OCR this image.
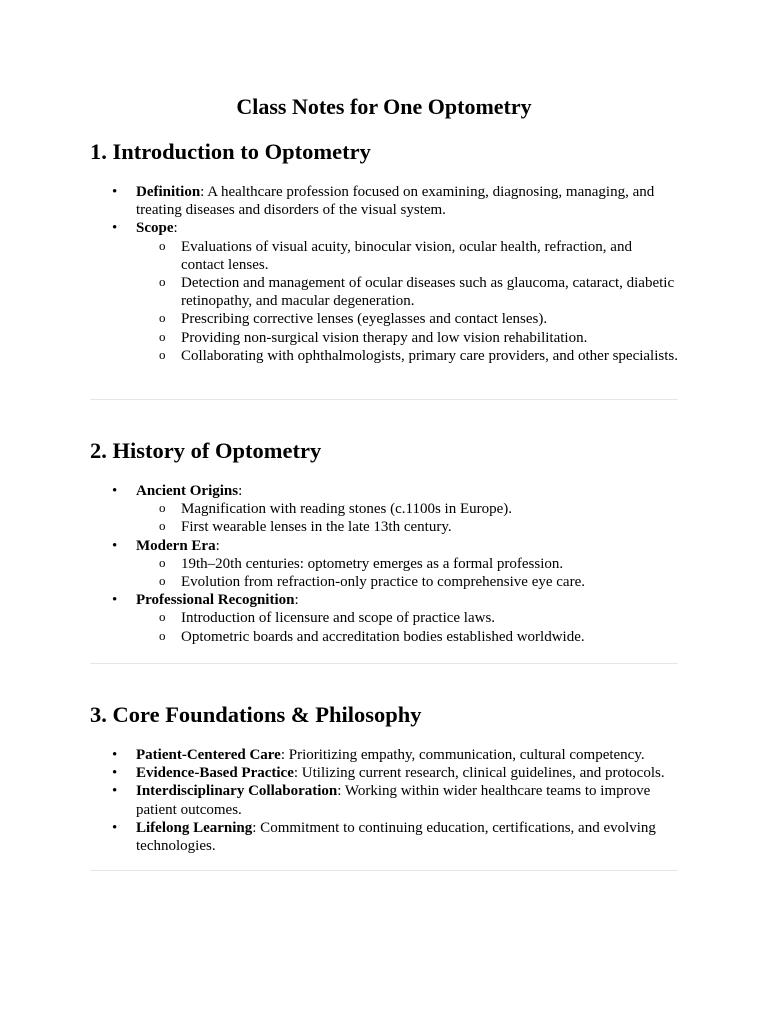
Class Notes for One Optometry
1. Introduction to Optometry
• Definition: A healthcare profession focused on examining, diagnosing, managing, and treating diseases and disorders of the visual system.
• Scope:
o Evaluations of visual acuity, binocular vision, ocular health, refraction, and contact lenses.
o Detection and management of ocular diseases such as glaucoma, cataract, diabetic retinopathy, and macular degeneration.
o Prescribing corrective lenses (eyeglasses and contact lenses).
o Providing non-surgical vision therapy and low vision rehabilitation.
o Collaborating with ophthalmologists, primary care providers, and other specialists.
2. History of Optometry
• Ancient Origins:
o Magnification with reading stones (c.1100s in Europe).
o First wearable lenses in the late 13th century.
• Modern Era:
o 19th–20th centuries: optometry emerges as a formal profession.
o Evolution from refraction-only practice to comprehensive eye care.
• Professional Recognition:
o Introduction of licensure and scope of practice laws.
o Optometric boards and accreditation bodies established worldwide.
3. Core Foundations & Philosophy
• Patient-Centered Care: Prioritizing empathy, communication, cultural competency.
• Evidence-Based Practice: Utilizing current research, clinical guidelines, and protocols.
• Interdisciplinary Collaboration: Working within wider healthcare teams to improve patient outcomes.
• Lifelong Learning: Commitment to continuing education, certifications, and evolving technologies.
